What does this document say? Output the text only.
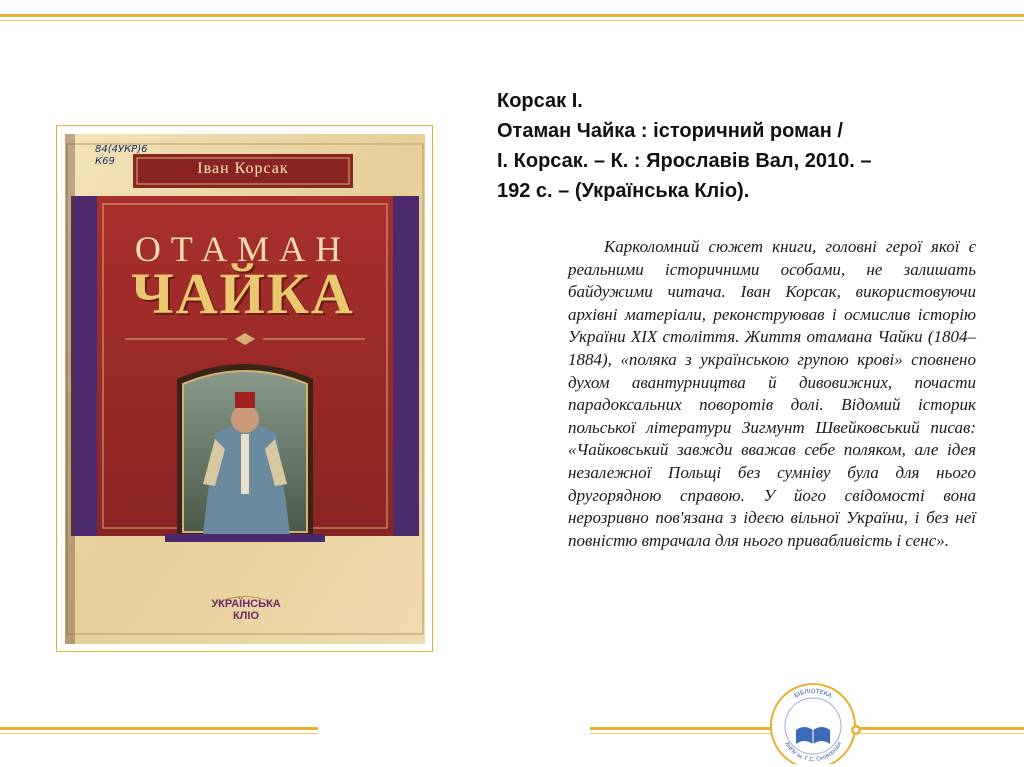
84(4УКР)6
К69	Іван Корсак
ОТАМАН
ЧАЙКА
УКРАЇНСЬКА
КЛІО
Корсак І.
Отаман Чайка : історичний роман /
І. Корсак. – К. : Ярославів Вал, 2010. –
192 с. – (Українська Кліо).
Карколомний сюжет книги, головні герої якої є реальними історичними особами, не залишать байдужими читача. Іван Корсак, використовуючи архівні матеріали, реконструював і осмислив історію України XIX століття. Життя отамана Чайки (1804–1884), «поляка з українською групою крові» сповнено духом авантурництва й дивовижних, почасти парадоксальних поворотів долі. Відомий історик польської літератури Зигмунт Швейковський писав: «Чайковський завжди вважав себе поляком, але ідея незалежної Польщі без сумніву була для нього другорядною справою. У його свідомості вона нерозривно пов'язана з ідеєю вільної України, і без неї повністю втрачала для нього привабливість і сенс».
БІБЛІОТЕКА
ХНПУ ім. Г.С. Сковороди
